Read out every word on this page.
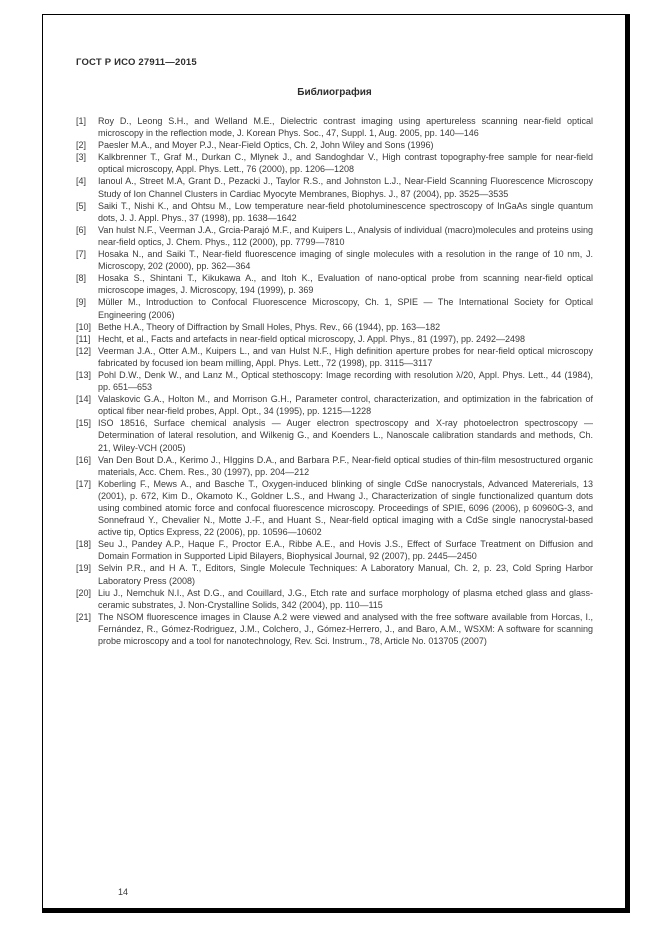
ГОСТ Р ИСО 27911—2015
Библиография
[1] Roy D., Leong S.H., and Welland M.E., Dielectric contrast imaging using apertureless scanning near-field optical microscopy in the reflection mode, J. Korean Phys. Soc., 47, Suppl. 1, Aug. 2005, pp. 140—146
[2] Paesler M.A., and Moyer P.J., Near-Field Optics, Ch. 2, John Wiley and Sons (1996)
[3] Kalkbrenner T., Graf M., Durkan C., Mlynek J., and Sandoghdar V., High contrast topography-free sample for near-field optical microscopy, Appl. Phys. Lett., 76 (2000), pp. 1206—1208
[4] Ianoul A., Street M.A, Grant D., Pezacki J., Taylor R.S., and Johnston L.J., Near-Field Scanning Fluorescence Microscopy Study of Ion Channel Clusters in Cardiac Myocyte Membranes, Biophys. J., 87 (2004), pp. 3525—3535
[5] Saiki T., Nishi K., and Ohtsu M., Low temperature near-field photoluminescence spectroscopy of InGaAs single quantum dots, J. J. Appl. Phys., 37 (1998), pp. 1638—1642
[6] Van hulst N.F., Veerman J.A., Grcia-Parajó M.F., and Kuipers L., Analysis of individual (macro)molecules and proteins using near-field optics, J. Chem. Phys., 112 (2000), pp. 7799—7810
[7] Hosaka N., and Saiki T., Near-field fluorescence imaging of single molecules with a resolution in the range of 10 nm, J. Microscopy, 202 (2000), pp. 362—364
[8] Hosaka S., Shintani T., Kikukawa A., and Itoh K., Evaluation of nano-optical probe from scanning near-field optical microscope images, J. Microscopy, 194 (1999), p. 369
[9] Müller M., Introduction to Confocal Fluorescence Microscopy, Ch. 1, SPIE — The International Society for Optical Engineering (2006)
[10] Bethe H.A., Theory of Diffraction by Small Holes, Phys. Rev., 66 (1944), pp. 163—182
[11] Hecht, et al., Facts and artefacts in near-field optical microscopy, J. Appl. Phys., 81 (1997), pp. 2492—2498
[12] Veerman J.A., Otter A.M., Kuipers L., and van Hulst N.F., High definition aperture probes for near-field optical microscopy fabricated by focused ion beam milling, Appl. Phys. Lett., 72 (1998), pp. 3115—3117
[13] Pohl D.W., Denk W., and Lanz M., Optical stethoscopy: Image recording with resolution λ/20, Appl. Phys. Lett., 44 (1984), pp. 651—653
[14] Valaskovic G.A., Holton M., and Morrison G.H., Parameter control, characterization, and optimization in the fabrication of optical fiber near-field probes, Appl. Opt., 34 (1995), pp. 1215—1228
[15] ISO 18516, Surface chemical analysis — Auger electron spectroscopy and X-ray photoelectron spectroscopy — Determination of lateral resolution, and Wilkenig G., and Koenders L., Nanoscale calibration standards and methods, Ch. 21, Wiley-VCH (2005)
[16] Van Den Bout D.A., Kerimo J., HIggins D.A., and Barbara P.F., Near-field optical studies of thin-film mesostructured organic materials, Acc. Chem. Res., 30 (1997), pp. 204—212
[17] Koberling F., Mews A., and Basche T., Oxygen-induced blinking of single CdSe nanocrystals, Advanced Matererials, 13 (2001), p. 672, Kim D., Okamoto K., Goldner L.S., and Hwang J., Characterization of single functionalized quantum dots using combined atomic force and confocal fluorescence microscopy. Proceedings of SPIE, 6096 (2006), p 60960G-3, and Sonnefraud Y., Chevalier N., Motte J.-F., and Huant S., Near-field optical imaging with a CdSe single nanocrystal-based active tip, Optics Express, 22 (2006), pp. 10596—10602
[18] Seu J., Pandey A.P., Haque F., Proctor E.A., Ribbe A.E., and Hovis J.S., Effect of Surface Treatment on Diffusion and Domain Formation in Supported Lipid Bilayers, Biophysical Journal, 92 (2007), pp. 2445—2450
[19] Selvin P.R., and H A. T., Editors, Single Molecule Techniques: A Laboratory Manual, Ch. 2, p. 23, Cold Spring Harbor Laboratory Press (2008)
[20] Liu J., Nemchuk N.I., Ast D.G., and Couillard, J.G., Etch rate and surface morphology of plasma etched glass and glass-ceramic substrates, J. Non-Crystalline Solids, 342 (2004), pp. 110—115
[21] The NSOM fluorescence images in Clause A.2 were viewed and analysed with the free software available from Horcas, I., Fernández, R., Gómez-Rodriguez, J.M., Colchero, J., Gómez-Herrero, J., and Baro, A.M., WSXM: A software for scanning probe microscopy and a tool for nanotechnology, Rev. Sci. Instrum., 78, Article No. 013705 (2007)
14
